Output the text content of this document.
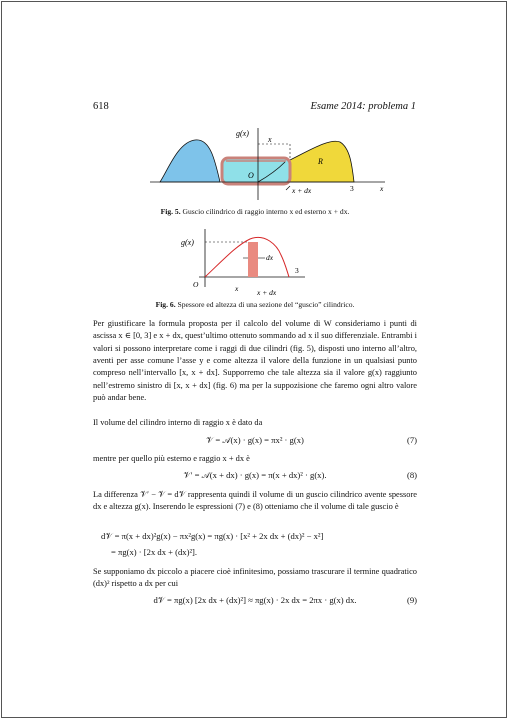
618	Esame 2014: problema 1
g(x)
x
R
O
x + dx	3	x
Fig. 5. Guscio cilindrico di raggio interno x ed esterno x + dx.
g(x)
dx
3
O	x x + dx
Fig. 6. Spessore ed altezza di una sezione del “guscio” cilindrico.

Per giustificare la formula proposta per il calcolo del volume di W consideriamo i punti di ascissa x ∈ [0, 3] e x + dx, quest’ultimo ottenuto sommando ad x il suo differenziale. Entrambi i valori si possono interpretare come i raggi di due cilindri (fig. 5), disposti uno interno all’altro, aventi per asse comune l’asse y e come altezza il valore della funzione in un qualsiasi punto compreso nell’intervallo [x, x + dx]. Supporremo che tale altezza sia il valore g(x) raggiunto nell’estremo sinistro di [x, x + dx] (fig. 6) ma per la suppozisione che faremo ogni altro valore può andar bene.

Il volume del cilindro interno di raggio x è dato da

𝒱 = 𝒜(x) · g(x) = πx² · g(x)	(7)

mentre per quello più esterno e raggio x + dx è

𝒱′ = 𝒜(x + dx) · g(x) = π(x + dx)² · g(x).	(8)

La differenza 𝒱′ − 𝒱 = d𝒱 rappresenta quindi il volume di un guscio cilindrico avente spessore dx e altezza g(x). Inserendo le espressioni (7) e (8) otteniamo che il volume di tale guscio è

d𝒱 = π(x + dx)²g(x) − πx²g(x) = πg(x) · [x² + 2x dx + (dx)² − x²]
= πg(x) · [2x dx + (dx)²].

Se supponiamo dx piccolo a piacere cioè infinitesimo, possiamo trascurare il termine quadratico (dx)² rispetto a dx per cui

d𝒱 = πg(x) [2x dx + (dx)²] ≈ πg(x) · 2x dx = 2πx · g(x) dx.	(9)
